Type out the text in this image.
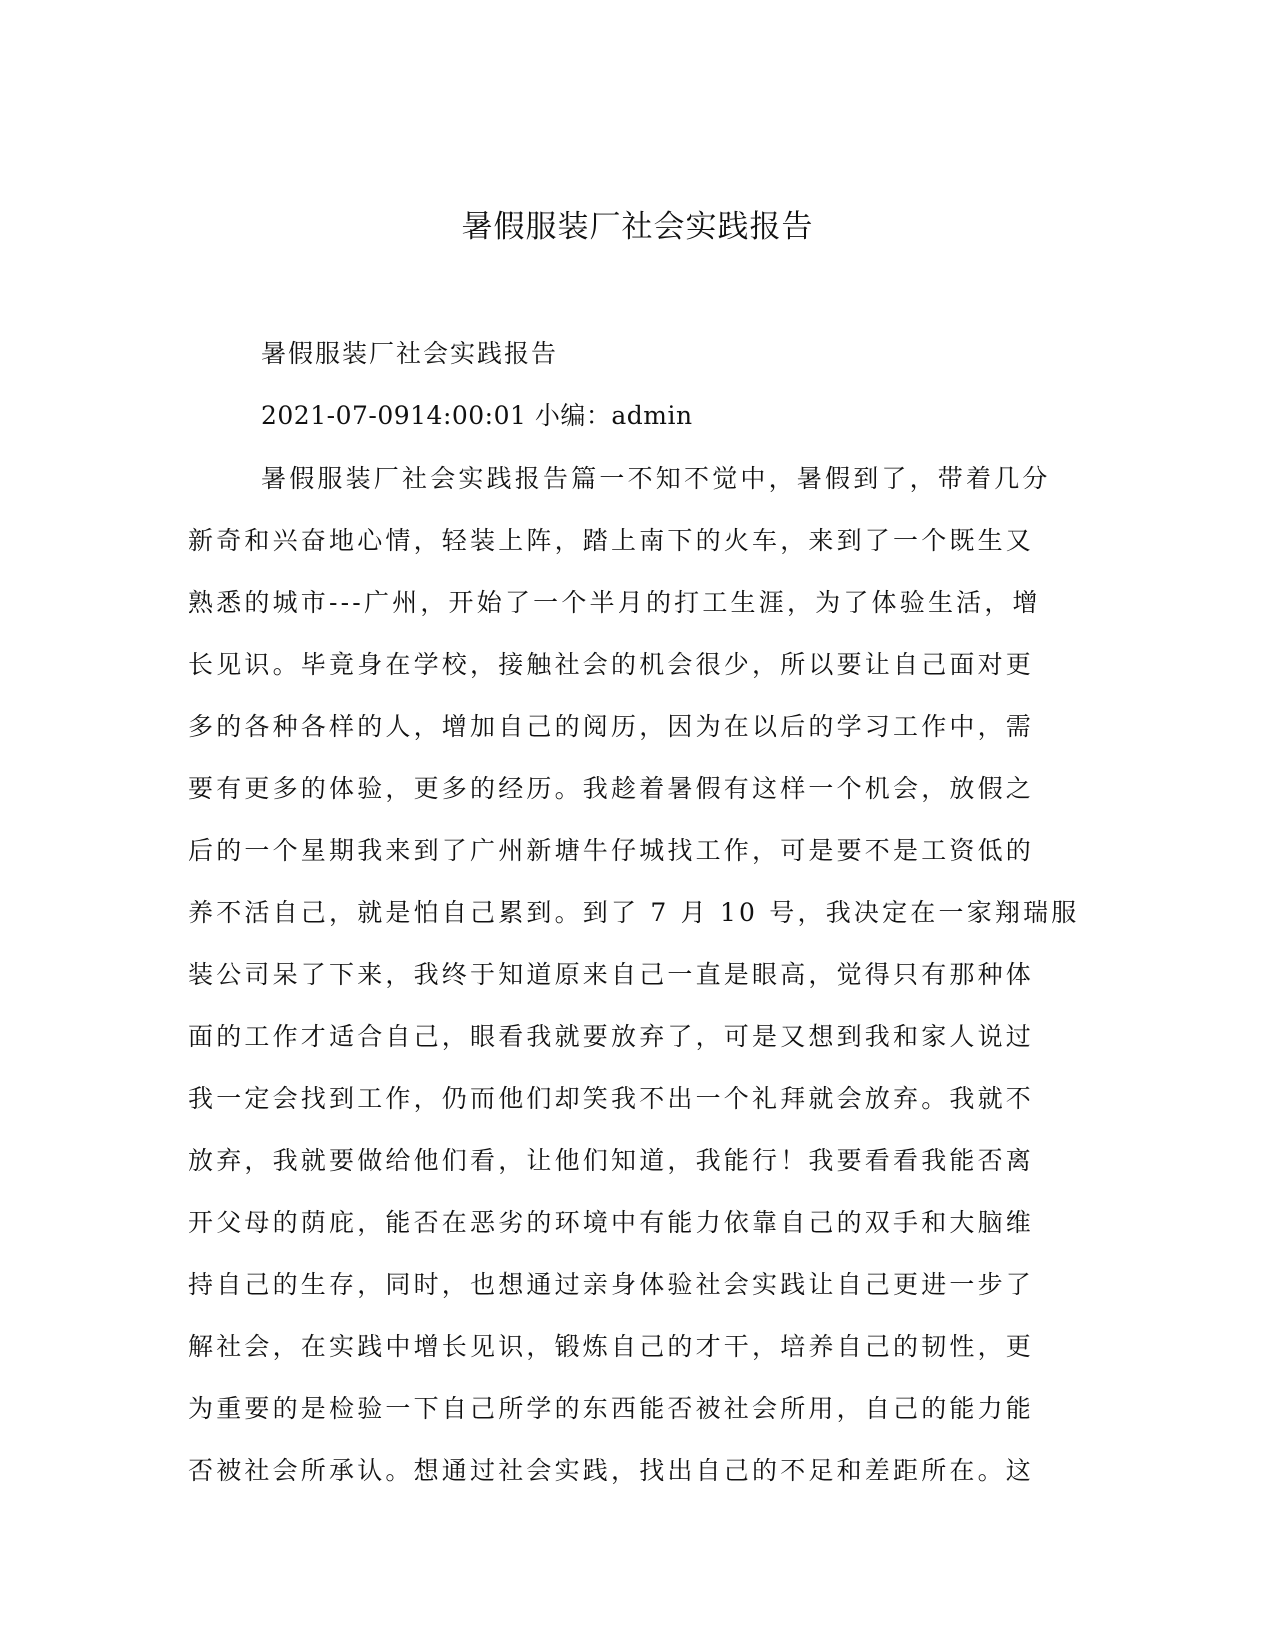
暑假服装厂社会实践报告
暑假服装厂社会实践报告
2021-07-0914:00:01 小编：admin
暑假服装厂社会实践报告篇一不知不觉中，暑假到了，带着几分
新奇和兴奋地心情，轻装上阵，踏上南下的火车，来到了一个既生又
熟悉的城市---广州，开始了一个半月的打工生涯，为了体验生活，增
长见识。毕竟身在学校，接触社会的机会很少，所以要让自己面对更
多的各种各样的人，增加自己的阅历，因为在以后的学习工作中，需
要有更多的体验，更多的经历。我趁着暑假有这样一个机会，放假之
后的一个星期我来到了广州新塘牛仔城找工作，可是要不是工资低的
养不活自己，就是怕自己累到。到了 7 月 10 号，我决定在一家翔瑞服
装公司呆了下来，我终于知道原来自己一直是眼高，觉得只有那种体
面的工作才适合自己，眼看我就要放弃了，可是又想到我和家人说过
我一定会找到工作，仍而他们却笑我不出一个礼拜就会放弃。我就不
放弃，我就要做给他们看，让他们知道，我能行！我要看看我能否离
开父母的荫庇，能否在恶劣的环境中有能力依靠自己的双手和大脑维
持自己的生存，同时，也想通过亲身体验社会实践让自己更进一步了
解社会，在实践中增长见识，锻炼自己的才干，培养自己的韧性，更
为重要的是检验一下自己所学的东西能否被社会所用，自己的能力能
否被社会所承认。想通过社会实践，找出自己的不足和差距所在。这
